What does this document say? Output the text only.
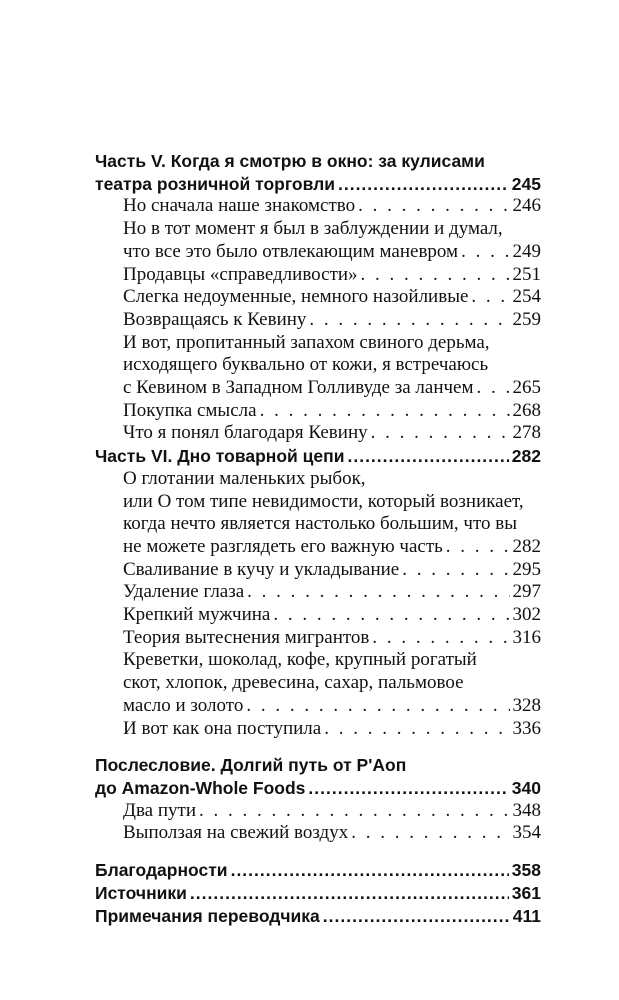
Часть V. Когда я смотрю в окно: за кулисами
театра розничной торговли .....	245
Но сначала наше знакомство . . .	246
Но в тот момент я был в заблуждении и думал,
что все это было отвлекающим маневром . . .	249
Продавцы «справедливости» . . .	251
Слегка недоуменные, немного назойливые . . . 254
Возвращаясь к Кевину . . .	259
И вот, пропитанный запахом свиного дерьма,
исходящего буквально от кожи, я встречаюсь
с Кевином в Западном Голливуде за ланчем . . . 265
Покупка смысла . . .	268
Что я понял благодаря Кевину . . .	278
Часть VI. Дно товарной цепи .....	282
О глотании маленьких рыбок,
или О том типе невидимости, который возникает,
когда нечто является настолько большим, что вы
не можете разглядеть его важную часть . . .	282
Сваливание в кучу и укладывание . . .	295
Удаление глаза . . .	297
Крепкий мужчина . . .	302
Теория вытеснения мигрантов . . .	316
Креветки, шоколад, кофе, крупный рогатый
скот, хлопок, древесина, сахар, пальмовое
масло и золото . . .	328
И вот как она поступила . . .	336
Послесловие. Долгий путь от Р'Аоп
до Amazon-Whole Foods .....	340
Два пути . . .	348
Выползая на свежий воздух . . .	354
Благодарности .....	358
Источники .....	361
Примечания переводчика .....	411
